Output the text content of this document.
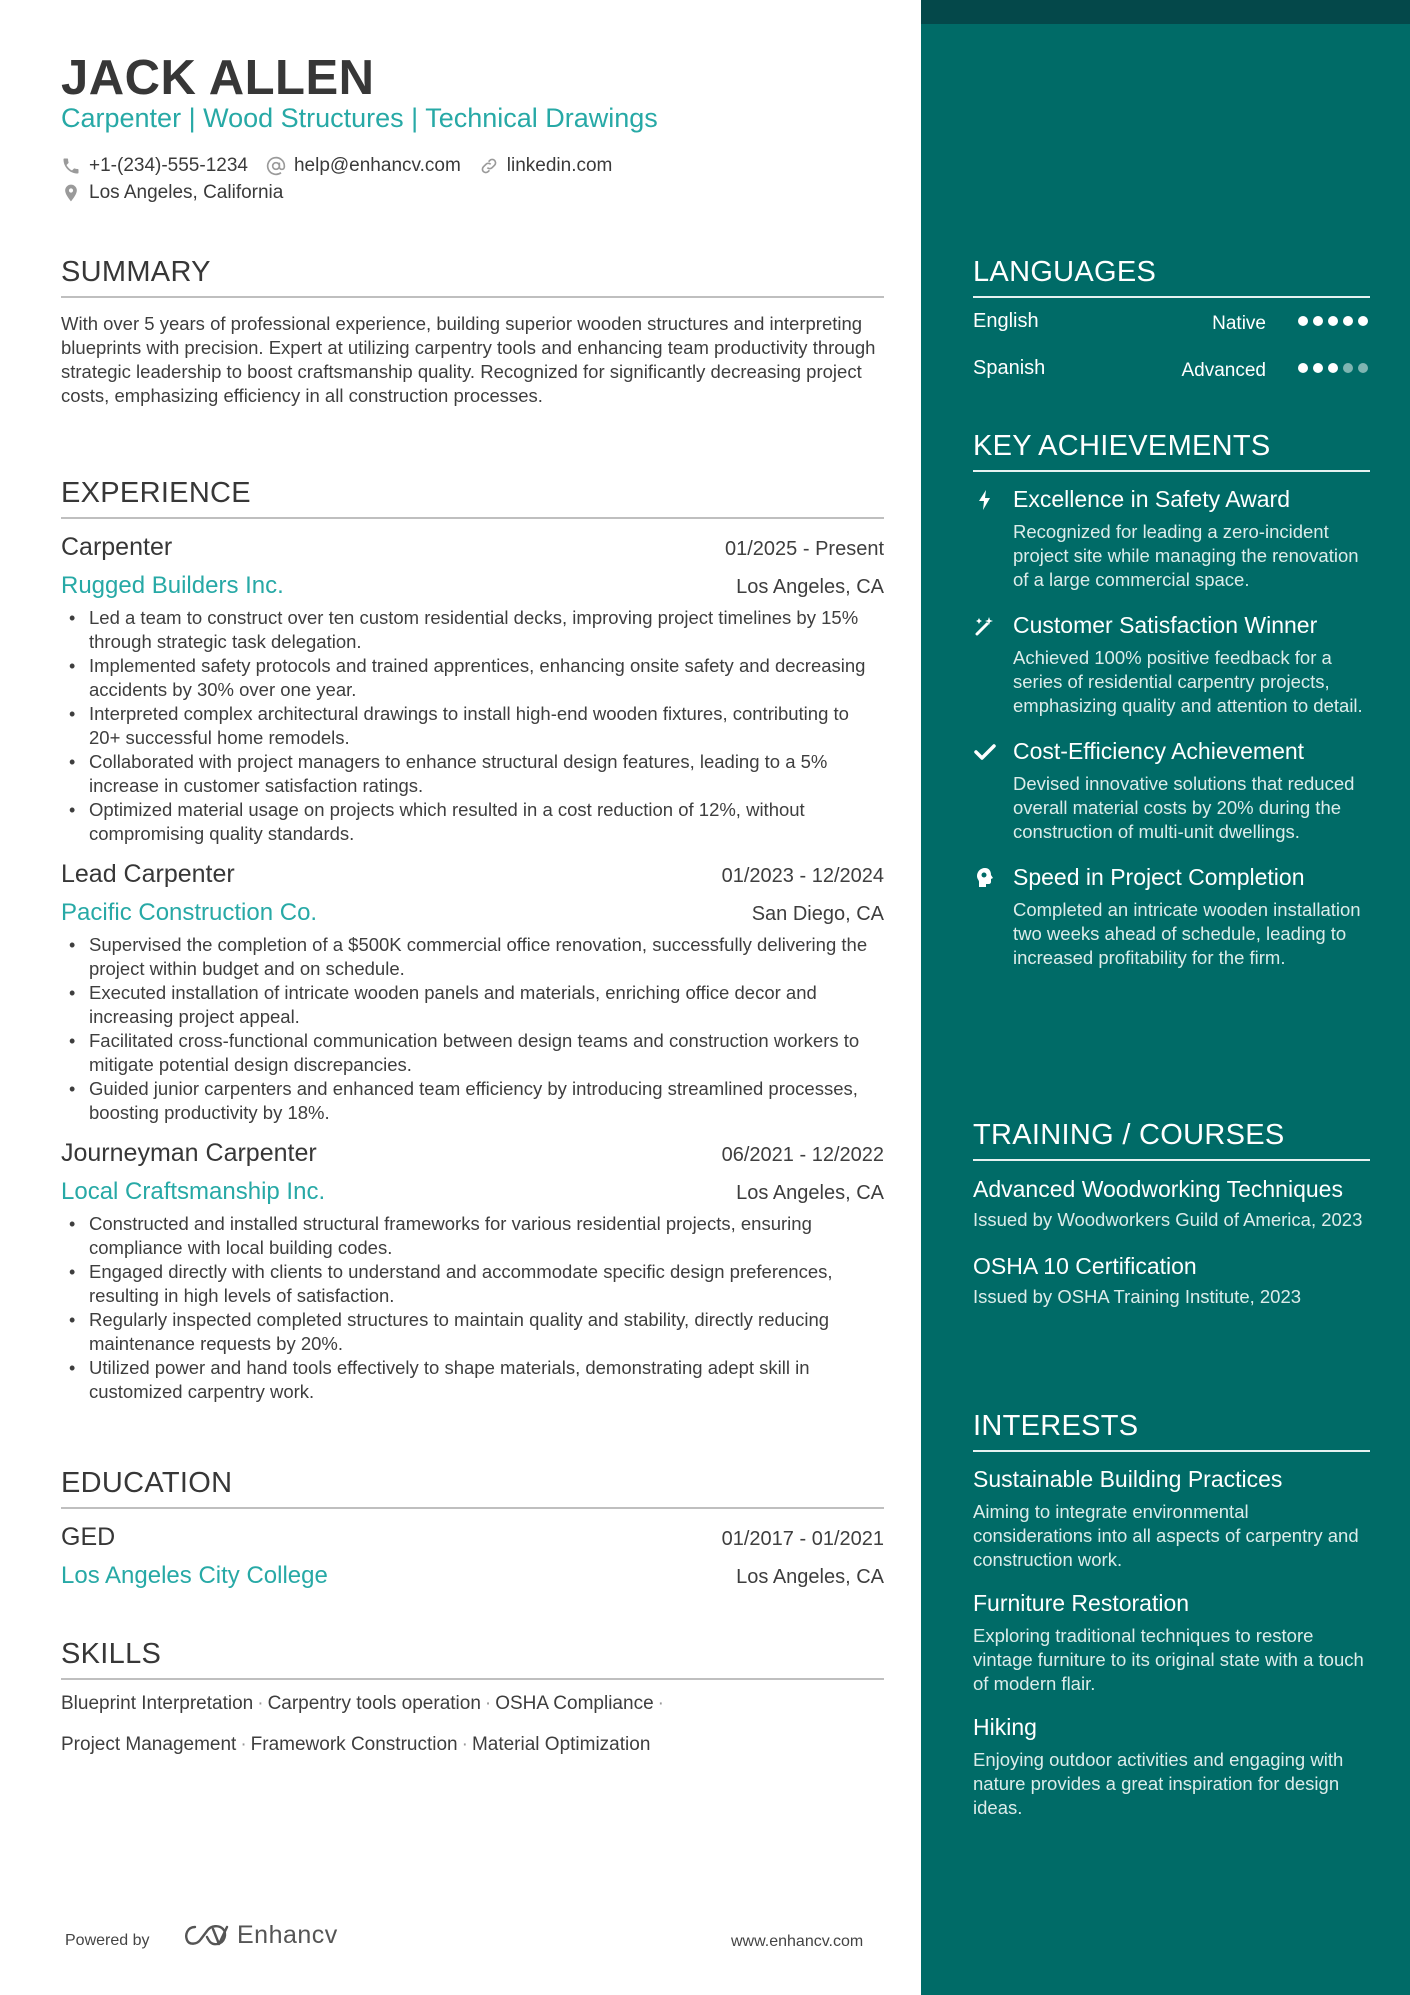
JACK ALLEN
Carpenter | Wood Structures | Technical Drawings
+1-(234)-555-1234 help@enhancv.com linkedin.com
Los Angeles, California
SUMMARY
With over 5 years of professional experience, building superior wooden structures and interpreting blueprints with precision. Expert at utilizing carpentry tools and enhancing team productivity through strategic leadership to boost craftsmanship quality. Recognized for significantly decreasing project costs, emphasizing efficiency in all construction processes.
EXPERIENCE
Carpenter	01/2025 - Present
Rugged Builders Inc.	Los Angeles, CA
• Led a team to construct over ten custom residential decks, improving project timelines by 15% through strategic task delegation.
• Implemented safety protocols and trained apprentices, enhancing onsite safety and decreasing accidents by 30% over one year.
• Interpreted complex architectural drawings to install high-end wooden fixtures, contributing to 20+ successful home remodels.
• Collaborated with project managers to enhance structural design features, leading to a 5% increase in customer satisfaction ratings.
• Optimized material usage on projects which resulted in a cost reduction of 12%, without compromising quality standards.
Lead Carpenter	01/2023 - 12/2024
Pacific Construction Co.	San Diego, CA
• Supervised the completion of a $500K commercial office renovation, successfully delivering the project within budget and on schedule.
• Executed installation of intricate wooden panels and materials, enriching office decor and increasing project appeal.
• Facilitated cross-functional communication between design teams and construction workers to mitigate potential design discrepancies.
• Guided junior carpenters and enhanced team efficiency by introducing streamlined processes, boosting productivity by 18%.
Journeyman Carpenter	06/2021 - 12/2022
Local Craftsmanship Inc.	Los Angeles, CA
• Constructed and installed structural frameworks for various residential projects, ensuring compliance with local building codes.
• Engaged directly with clients to understand and accommodate specific design preferences, resulting in high levels of satisfaction.
• Regularly inspected completed structures to maintain quality and stability, directly reducing maintenance requests by 20%.
• Utilized power and hand tools effectively to shape materials, demonstrating adept skill in customized carpentry work.
EDUCATION
GED	01/2017 - 01/2021
Los Angeles City College	Los Angeles, CA
SKILLS
Blueprint Interpretation · Carpentry tools operation · OSHA Compliance ·
Project Management · Framework Construction · Material Optimization
Powered by	Enhancv	www.enhancv.com
LANGUAGES
English	Native
Spanish	Advanced
KEY ACHIEVEMENTS
Excellence in Safety Award
Recognized for leading a zero-incident project site while managing the renovation of a large commercial space.
Customer Satisfaction Winner
Achieved 100% positive feedback for a series of residential carpentry projects, emphasizing quality and attention to detail.
Cost-Efficiency Achievement
Devised innovative solutions that reduced overall material costs by 20% during the construction of multi-unit dwellings.
Speed in Project Completion
Completed an intricate wooden installation two weeks ahead of schedule, leading to increased profitability for the firm.
TRAINING / COURSES
Advanced Woodworking Techniques
Issued by Woodworkers Guild of America, 2023
OSHA 10 Certification
Issued by OSHA Training Institute, 2023
INTERESTS
Sustainable Building Practices
Aiming to integrate environmental considerations into all aspects of carpentry and construction work.
Furniture Restoration
Exploring traditional techniques to restore vintage furniture to its original state with a touch of modern flair.
Hiking
Enjoying outdoor activities and engaging with nature provides a great inspiration for design ideas.
